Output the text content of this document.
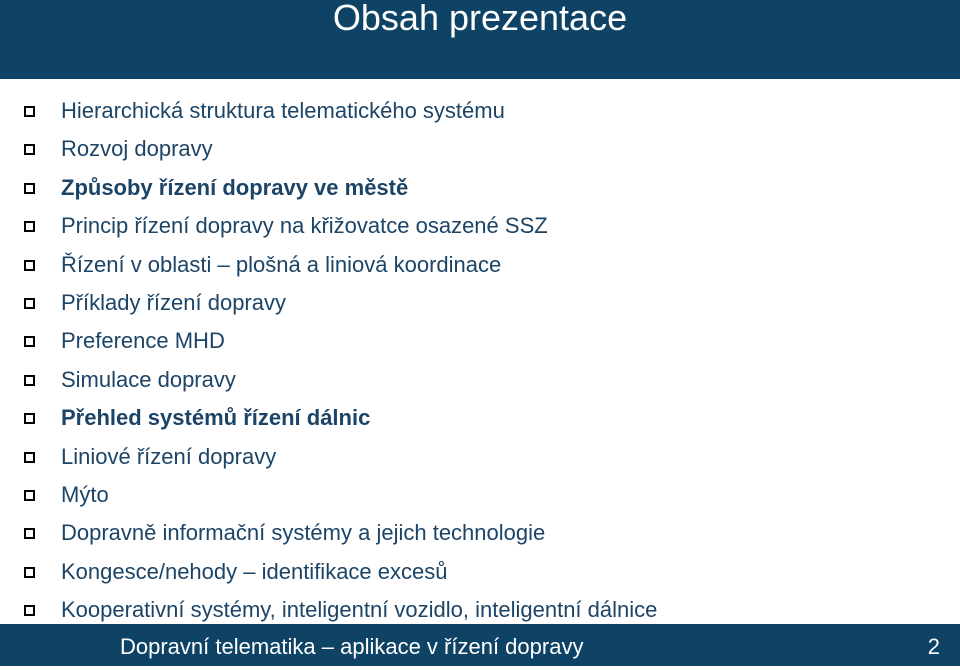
Obsah prezentace
Hierarchická struktura telematického systému
Rozvoj dopravy
Způsoby řízení dopravy ve městě
Princip řízení dopravy na křižovatce osazené SSZ
Řízení v oblasti – plošná a liniová koordinace
Příklady řízení dopravy
Preference MHD
Simulace dopravy
Přehled systémů řízení dálnic
Liniové řízení dopravy
Mýto
Dopravně informační systémy a jejich technologie
Kongesce/nehody – identifikace excesů
Kooperativní systémy, inteligentní vozidlo, inteligentní dálnice
Dopravní telematika – aplikace v řízení dopravy	2
